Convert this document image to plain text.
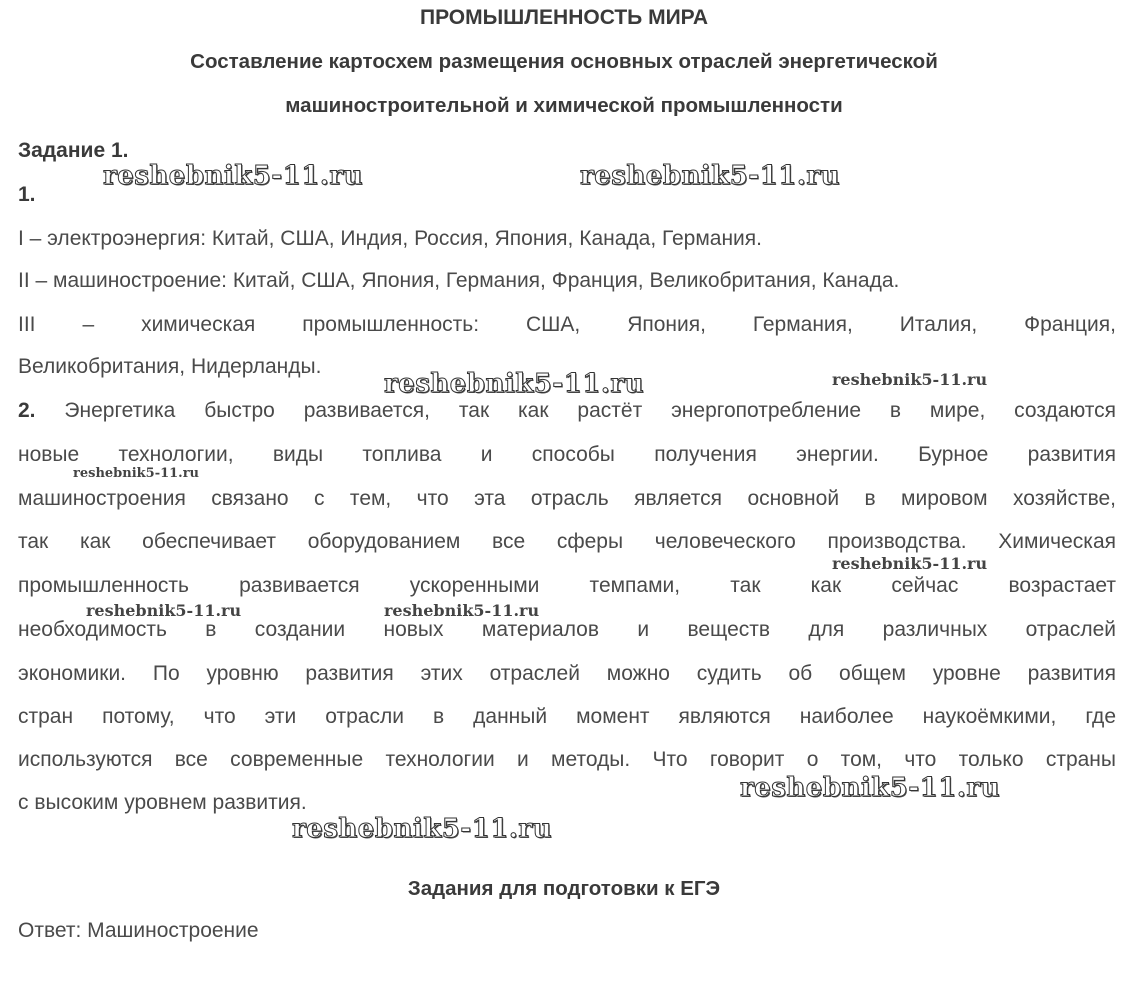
ПРОМЫШЛЕННОСТЬ МИРА
Составление картосхем размещения основных отраслей энергетической
машиностроительной и химической промышленности
Задание 1.
1.
I – электроэнергия: Китай, США, Индия, Россия, Япония, Канада, Германия.
II – машиностроение: Китай, США, Япония, Германия, Франция, Великобритания, Канада.
III – химическая промышленность: США, Япония, Германия, Италия, Франция,
Великобритания, Нидерланды.
2. Энергетика быстро развивается, так как растёт энергопотребление в мире, создаются
новые технологии, виды топлива и способы получения энергии. Бурное развития
машиностроения связано с тем, что эта отрасль является основной в мировом хозяйстве,
так как обеспечивает оборудованием все сферы человеческого производства. Химическая
промышленность развивается ускоренными темпами, так как сейчас возрастает
необходимость в создании новых материалов и веществ для различных отраслей
экономики. По уровню развития этих отраслей можно судить об общем уровне развития
стран потому, что эти отрасли в данный момент являются наиболее наукоёмкими, где
используются все современные технологии и методы. Что говорит о том, что только страны
с высоким уровнем развития.
Задания для подготовки к ЕГЭ
Ответ: Машиностроение
reshebnik5-11.ru	reshebnik5-11.ru
reshebnik5-11.ru	reshebnik5-11.ru
reshebnik5-11.ru
reshebnik5-11.ru
reshebnik5-11.ru	reshebnik5-11.ru
reshebnik5-11.ru
reshebnik5-11.ru
